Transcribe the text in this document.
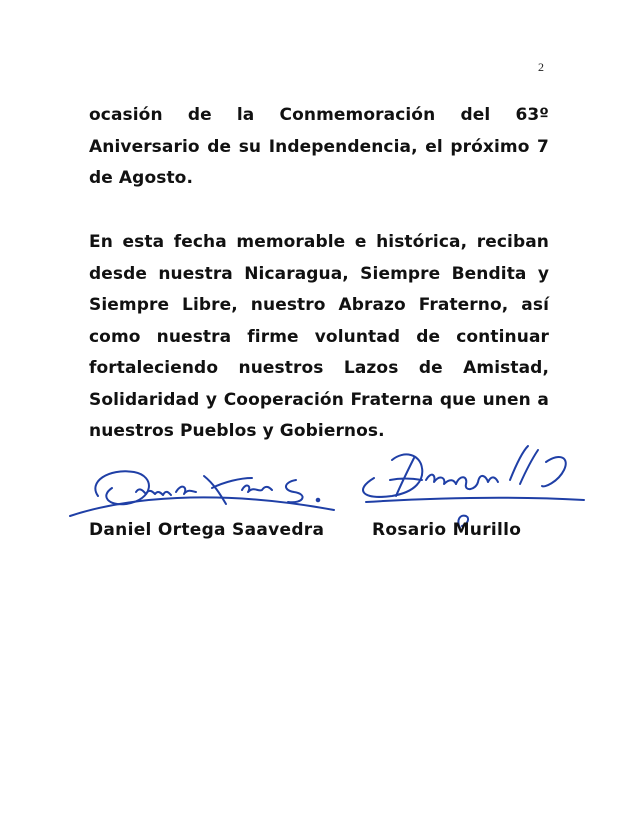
2

ocasión de la Conmemoración del 63º Aniversario de su Independencia, el próximo 7 de Agosto.

En esta fecha memorable e histórica, reciban desde nuestra Nicaragua, Siempre Bendita y Siempre Libre, nuestro Abrazo Fraterno, así como nuestra firme voluntad de continuar fortaleciendo nuestros Lazos de Amistad, Solidaridad y Cooperación Fraterna que unen a nuestros Pueblos y Gobiernos.

Daniel Ortega Saavedra	Rosario Murillo
